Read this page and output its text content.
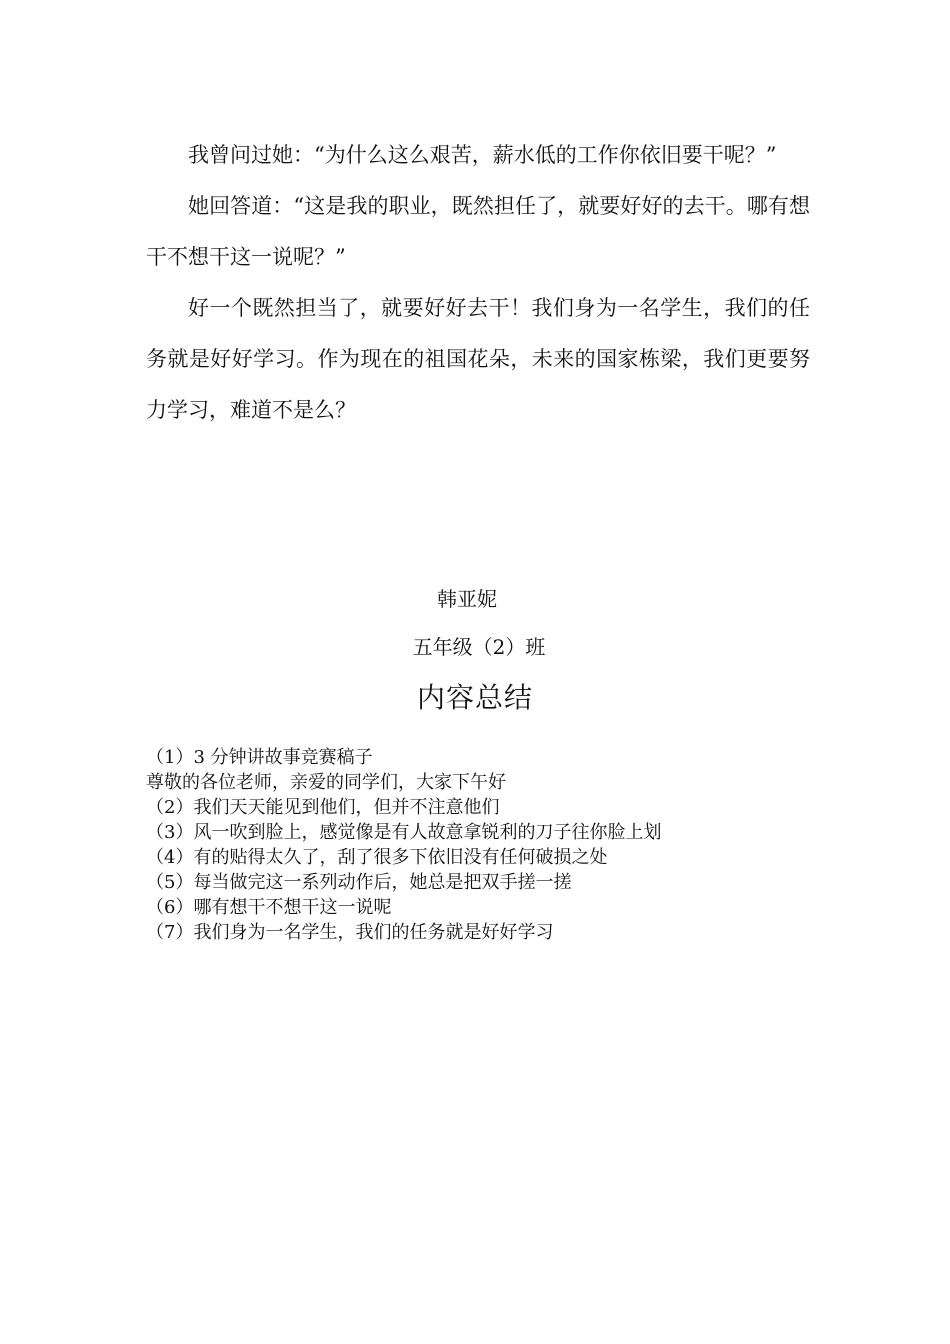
我曾问过她：“为什么这么艰苦，薪水低的工作你依旧要干呢？”

她回答道：“这是我的职业，既然担任了，就要好好的去干。哪有想干不想干这一说呢？”

好一个既然担当了，就要好好去干！我们身为一名学生，我们的任务就是好好学习。作为现在的祖国花朵，未来的国家栋梁，我们更要努力学习，难道不是么？

韩亚妮
五年级（2）班
内容总结
（1）3 分钟讲故事竞赛稿子
尊敬的各位老师，亲爱的同学们，大家下午好
（2）我们天天能见到他们，但并不注意他们
（3）风一吹到脸上，感觉像是有人故意拿锐利的刀子往你脸上划
（4）有的贴得太久了，刮了很多下依旧没有任何破损之处
（5）每当做完这一系列动作后，她总是把双手搓一搓
（6）哪有想干不想干这一说呢
（7）我们身为一名学生，我们的任务就是好好学习
